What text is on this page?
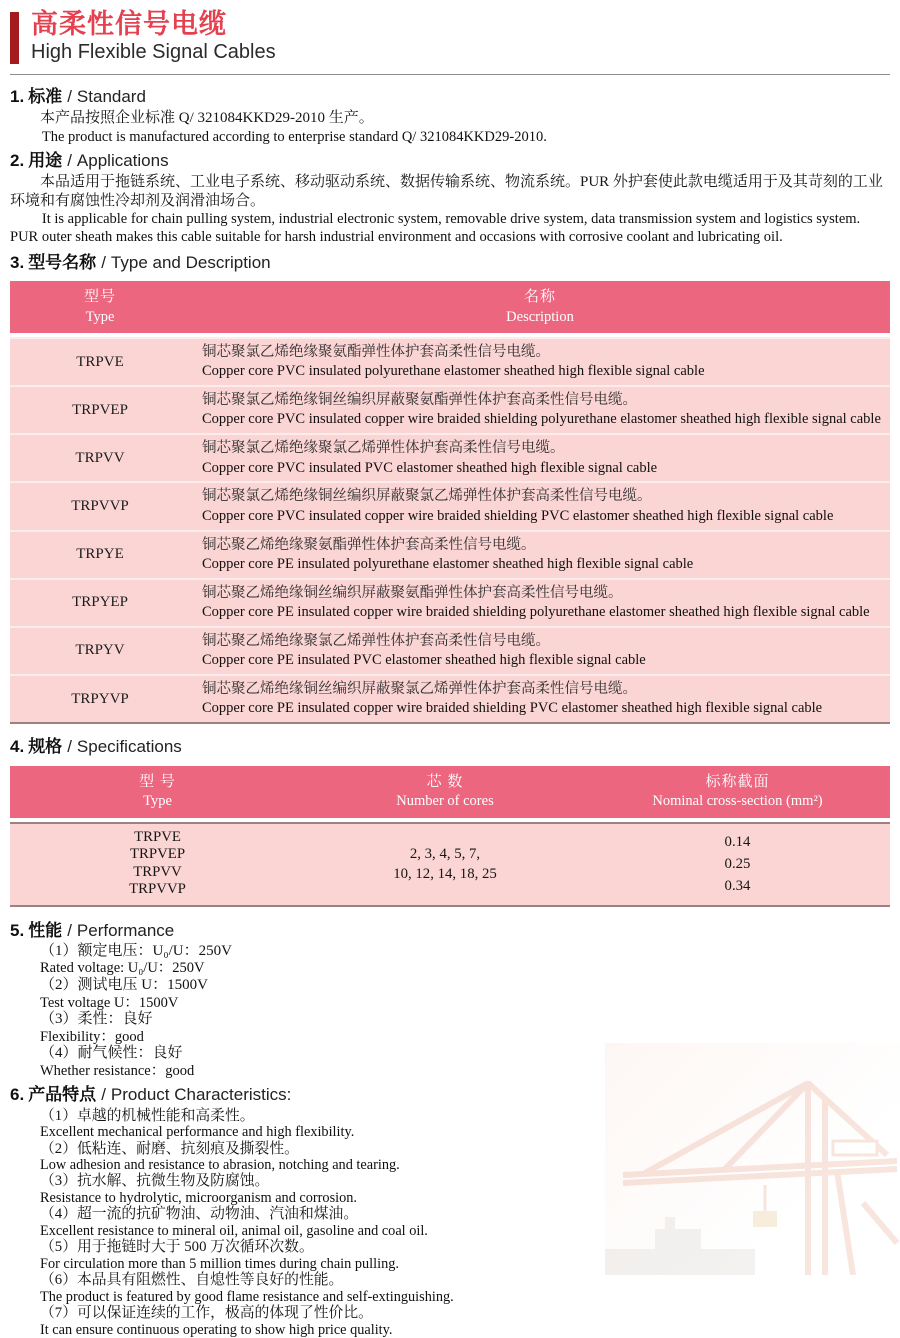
高柔性信号电缆
High Flexible Signal Cables
1. 标准 / Standard
本产品按照企业标准 Q/ 321084KKD29-2010 生产。
The product is manufactured according to enterprise standard Q/ 321084KKD29-2010.
2. 用途 / Applications
本品适用于拖链系统、工业电子系统、移动驱动系统、数据传输系统、物流系统。PUR 外护套使此款电缆适用于及其苛刻的工业环境和有腐蚀性冷却剂及润滑油场合。
It is applicable for chain pulling system, industrial electronic system, removable drive system, data transmission system and logistics system. PUR outer sheath makes this cable suitable for harsh industrial environment and occasions with corrosive coolant and lubricating oil.
3. 型号名称 / Type and Description
型号
Type
名称
Description
TRPVE
铜芯聚氯乙烯绝缘聚氨酯弹性体护套高柔性信号电缆。
Copper core PVC insulated polyurethane elastomer sheathed high flexible signal cable
TRPVEP
铜芯聚氯乙烯绝缘铜丝编织屏蔽聚氨酯弹性体护套高柔性信号电缆。
Copper core PVC insulated copper wire braided shielding polyurethane elastomer sheathed high flexible signal cable
TRPVV
铜芯聚氯乙烯绝缘聚氯乙烯弹性体护套高柔性信号电缆。
Copper core PVC insulated PVC elastomer sheathed high flexible signal cable
TRPVVP
铜芯聚氯乙烯绝缘铜丝编织屏蔽聚氯乙烯弹性体护套高柔性信号电缆。
Copper core PVC insulated copper wire braided shielding PVC elastomer sheathed high flexible signal cable
TRPYE
铜芯聚乙烯绝缘聚氨酯弹性体护套高柔性信号电缆。
Copper core PE insulated polyurethane elastomer sheathed high flexible signal cable
TRPYEP
铜芯聚乙烯绝缘铜丝编织屏蔽聚氨酯弹性体护套高柔性信号电缆。
Copper core PE insulated copper wire braided shielding polyurethane elastomer sheathed high flexible signal cable
TRPYV
铜芯聚乙烯绝缘聚氯乙烯弹性体护套高柔性信号电缆。
Copper core PE insulated PVC elastomer sheathed high flexible signal cable
TRPYVP
铜芯聚乙烯绝缘铜丝编织屏蔽聚氯乙烯弹性体护套高柔性信号电缆。
Copper core PE insulated copper wire braided shielding PVC elastomer sheathed high flexible signal cable
4. 规格 / Specifications
型 号
Type
芯 数
Number of cores
标称截面
Nominal cross-section (mm²)
TRPVE
TRPVEP
TRPVV
TRPVVP
2, 3, 4, 5, 7,
10, 12, 14, 18, 25
0.14
0.25
0.34
5. 性能 / Performance
（1）额定电压：U₀/U：250V
Rated voltage: U₀/U：250V
（2）测试电压 U：1500V
Test voltage U：1500V
（3）柔性：良好
Flexibility：good
（4）耐气候性：良好
Whether resistance：good
6. 产品特点 / Product Characteristics:
（1）卓越的机械性能和高柔性。
Excellent mechanical performance and high flexibility.
（2）低粘连、耐磨、抗刻痕及撕裂性。
Low adhesion and resistance to abrasion, notching and tearing.
（3）抗水解、抗微生物及防腐蚀。
Resistance to hydrolytic, microorganism and corrosion.
（4）超一流的抗矿物油、动物油、汽油和煤油。
Excellent resistance to mineral oil, animal oil, gasoline and coal oil.
（5）用于拖链时大于 500 万次循环次数。
For circulation more than 5 million times during chain pulling.
（6）本品具有阻燃性、自熄性等良好的性能。
The product is featured by good flame resistance and self-extinguishing.
（7）可以保证连续的工作，极高的体现了性价比。
It can ensure continuous operating to show high price quality.
